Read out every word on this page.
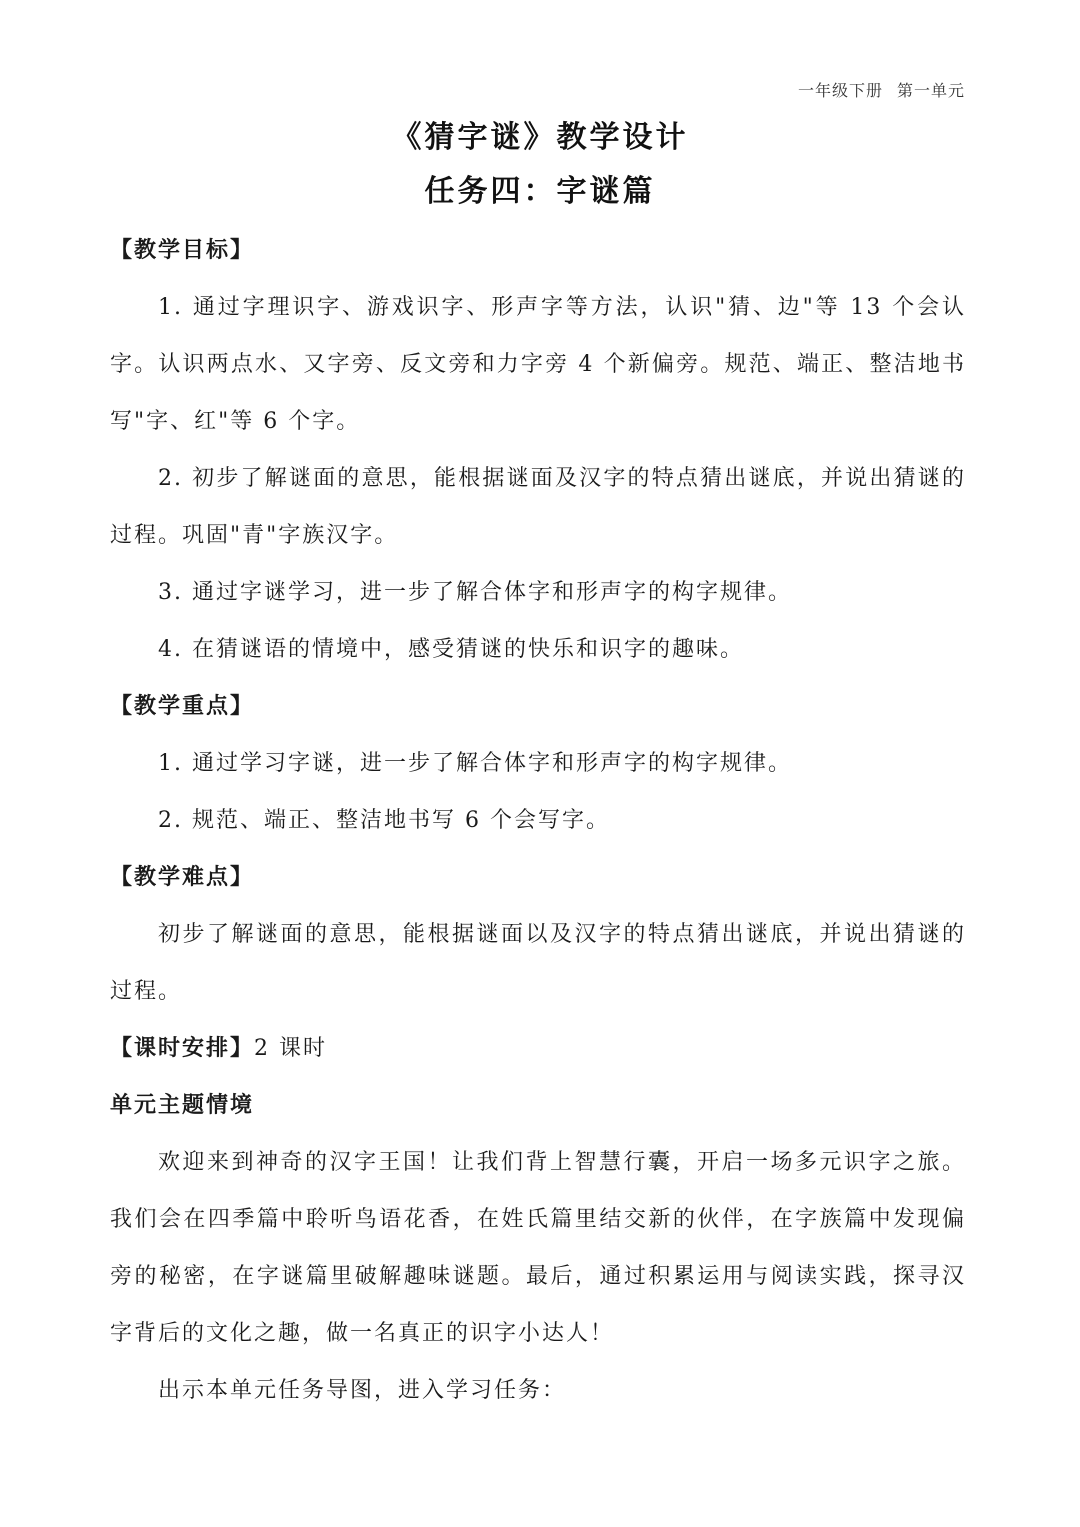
一年级下册 第一单元
《猜字谜》教学设计
任务四：字谜篇

【教学目标】

1. 通过字理识字、游戏识字、形声字等方法，认识"猜、边"等 13 个会认字。认识两点水、又字旁、反文旁和力字旁 4 个新偏旁。规范、端正、整洁地书写"字、红"等 6 个字。

2. 初步了解谜面的意思，能根据谜面及汉字的特点猜出谜底，并说出猜谜的过程。巩固"青"字族汉字。

3. 通过字谜学习，进一步了解合体字和形声字的构字规律。

4. 在猜谜语的情境中，感受猜谜的快乐和识字的趣味。

【教学重点】

1. 通过学习字谜，进一步了解合体字和形声字的构字规律。

2. 规范、端正、整洁地书写 6 个会写字。

【教学难点】

初步了解谜面的意思，能根据谜面以及汉字的特点猜出谜底，并说出猜谜的过程。

【课时安排】2 课时

单元主题情境

欢迎来到神奇的汉字王国！让我们背上智慧行囊，开启一场多元识字之旅。我们会在四季篇中聆听鸟语花香，在姓氏篇里结交新的伙伴，在字族篇中发现偏旁的秘密，在字谜篇里破解趣味谜题。最后，通过积累运用与阅读实践，探寻汉字背后的文化之趣，做一名真正的识字小达人！

出示本单元任务导图，进入学习任务：
